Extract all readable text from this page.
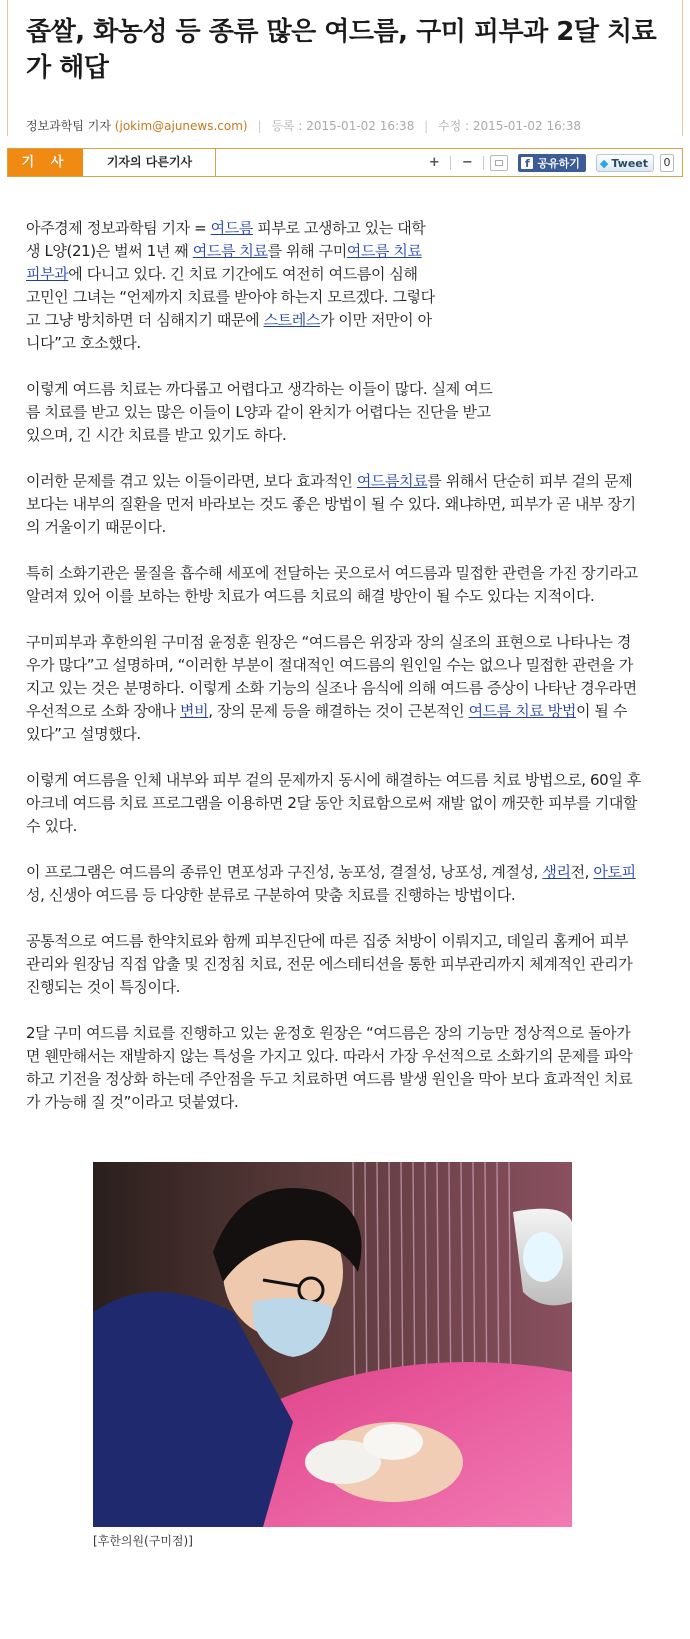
좁쌀, 화농성 등 종류 많은 여드름, 구미 피부과 2달 치료가 해답
정보과학팀 기자 (jokim@ajunews.com) | 등록 : 2015-01-02 16:38 | 수정 : 2015-01-02 16:38
기 사	기자의 다른기사	+	−	f 공유하기 ◆ Tweet	0

아주경제 정보과학팀 기자 = 여드름 피부로 고생하고 있는 대학생 L양(21)은 벌써 1년 째 여드름 치료를 위해 구미여드름 치료 피부과에 다니고 있다. 긴 치료 기간에도 여전히 여드름이 심해 고민인 그녀는 “언제까지 치료를 받아야 하는지 모르겠다. 그렇다고 그냥 방치하면 더 심해지기 때문에 스트레스가 이만 저만이 아니다”고 호소했다.

이렇게 여드름 치료는 까다롭고 어렵다고 생각하는 이들이 많다. 실제 여드름 치료를 받고 있는 많은 이들이 L양과 같이 완치가 어렵다는 진단을 받고 있으며, 긴 시간 치료를 받고 있기도 하다.

이러한 문제를 겪고 있는 이들이라면, 보다 효과적인 여드름치료를 위해서 단순히 피부 겉의 문제보다는 내부의 질환을 먼저 바라보는 것도 좋은 방법이 될 수 있다. 왜냐하면, 피부가 곧 내부 장기의 거울이기 때문이다.

특히 소화기관은 물질을 흡수해 세포에 전달하는 곳으로서 여드름과 밀접한 관련을 가진 장기라고 알려져 있어 이를 보하는 한방 치료가 여드름 치료의 해결 방안이 될 수도 있다는 지적이다.

구미피부과 후한의원 구미점 윤정훈 원장은 “여드름은 위장과 장의 실조의 표현으로 나타나는 경우가 많다”고 설명하며, “이러한 부분이 절대적인 여드름의 원인일 수는 없으나 밀접한 관련을 가지고 있는 것은 분명하다. 이렇게 소화 기능의 실조나 음식에 의해 여드름 증상이 나타난 경우라면 우선적으로 소화 장애나 변비, 장의 문제 등을 해결하는 것이 근본적인 여드름 치료 방법이 될 수 있다”고 설명했다.

이렇게 여드름을 인체 내부와 피부 겉의 문제까지 동시에 해결하는 여드름 치료 방법으로, 60일 후아크네 여드름 치료 프로그램을 이용하면 2달 동안 치료함으로써 재발 없이 깨끗한 피부를 기대할 수 있다.

이 프로그램은 여드름의 종류인 면포성과 구진성, 농포성, 결절성, 낭포성, 계절성, 생리전, 아토피성, 신생아 여드름 등 다양한 분류로 구분하여 맞춤 치료를 진행하는 방법이다.

공통적으로 여드름 한약치료와 함께 피부진단에 따른 집중 처방이 이뤄지고, 데일리 홈케어 피부 관리와 원장님 직접 압출 및 진정침 치료, 전문 에스테티션을 통한 피부관리까지 체계적인 관리가 진행되는 것이 특징이다.

2달 구미 여드름 치료를 진행하고 있는 윤정호 원장은 “여드름은 장의 기능만 정상적으로 돌아가면 웬만해서는 재발하지 않는 특성을 가지고 있다. 따라서 가장 우선적으로 소화기의 문제를 파악하고 기전을 정상화 하는데 주안점을 두고 치료하면 여드름 발생 원인을 막아 보다 효과적인 치료가 가능해 질 것”이라고 덧붙였다.

[후한의원(구미점)]
